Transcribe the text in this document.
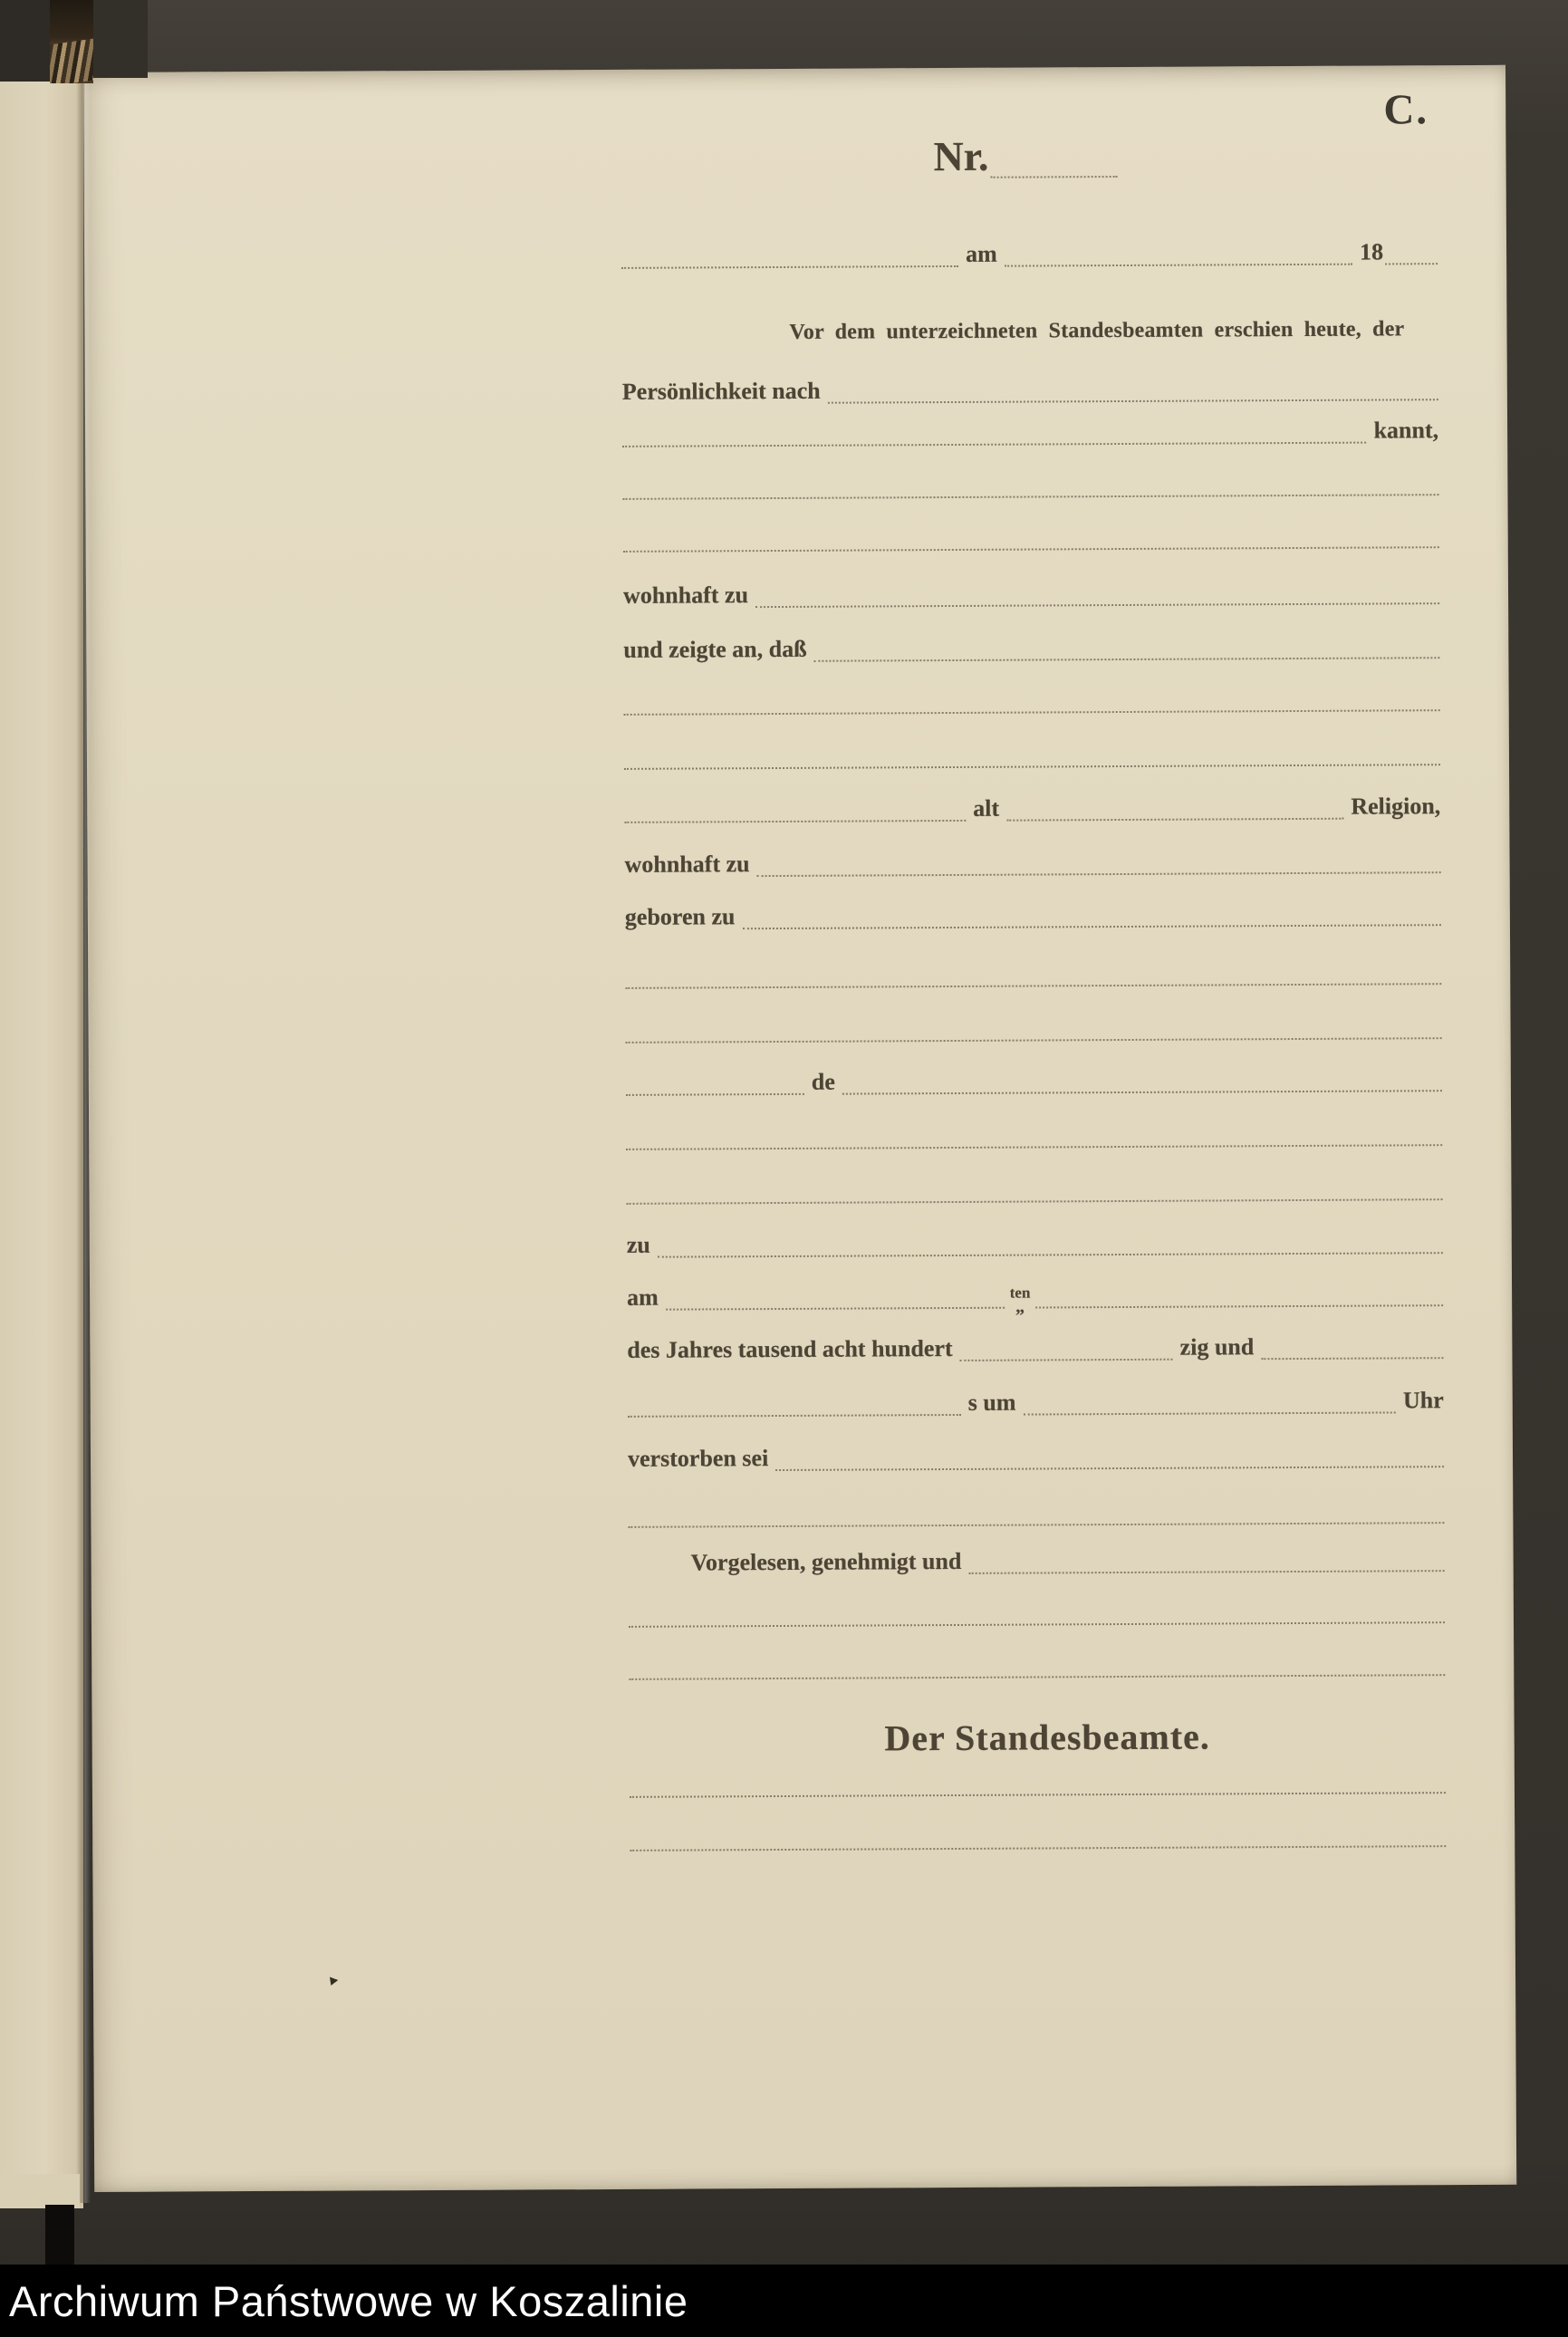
C.
Nr.
am	18
Vor dem unterzeichneten Standesbeamten erschien heute, der
Persönlichkeit nach
kannt,
wohnhaft zu
und zeigte an, daß
alt	Religion,
wohnhaft zu
geboren zu
de
zu
am	ten
„
des Jahres tausend acht hundert	zig und
s um	Uhr
verstorben sei
Vorgelesen, genehmigt und
Der Standesbeamte.
‣
Archiwum Państwowe w Koszalinie
